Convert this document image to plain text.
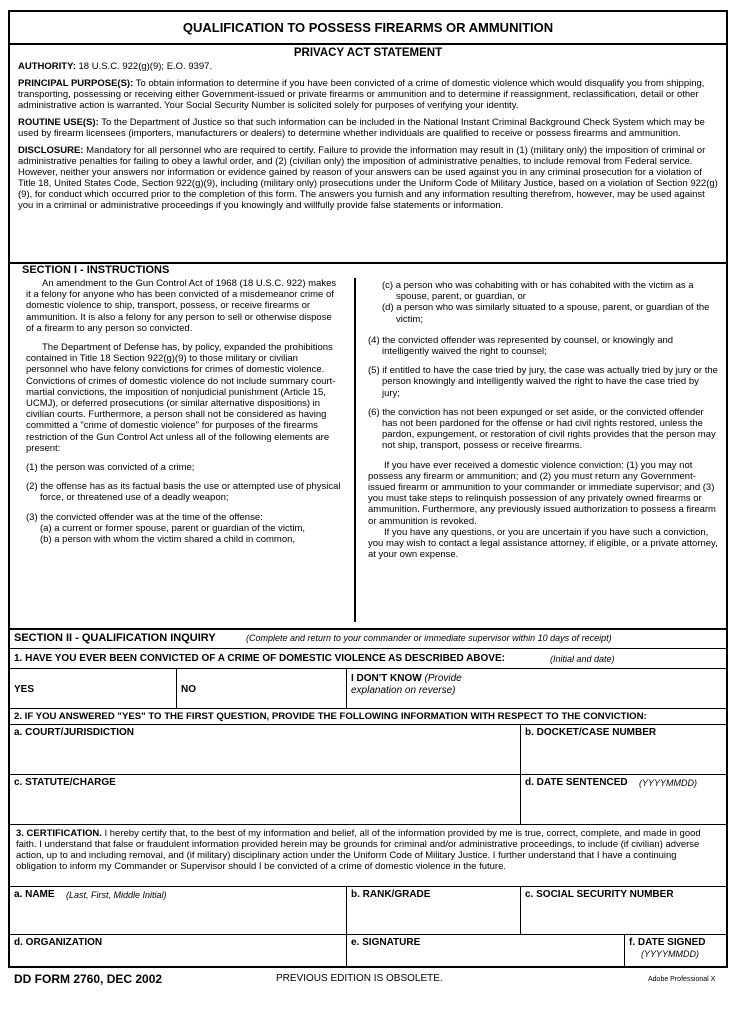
QUALIFICATION TO POSSESS FIREARMS OR AMMUNITION
PRIVACY ACT STATEMENT

AUTHORITY: 18 U.S.C. 922(g)(9); E.O. 9397.

PRINCIPAL PURPOSE(S): To obtain information to determine if you have been convicted of a crime of domestic violence which would disqualify you from shipping, transporting, possessing or receiving either Government-issued or private firearms or ammunition and to determine if reassignment, reclassification, detail or other administrative action is warranted. Your Social Security Number is solicited solely for purposes of verifying your identity.

ROUTINE USE(S): To the Department of Justice so that such information can be included in the National Instant Criminal Background Check System which may be used by firearm licensees (importers, manufacturers or dealers) to determine whether individuals are qualified to receive or possess firearms and ammunition.

DISCLOSURE: Mandatory for all personnel who are required to certify. Failure to provide the information may result in (1) (military only) the imposition of criminal or administrative penalties for failing to obey a lawful order, and (2) (civilian only) the imposition of administrative penalties, to include removal from Federal service. However, neither your answers nor information or evidence gained by reason of your answers can be used against you in any criminal prosecution for a violation of Title 18, United States Code, Section 922(g)(9), including (military only) prosecutions under the Uniform Code of Military Justice, based on a violation of Section 922(g)(9), for conduct which occurred prior to the completion of this form. The answers you furnish and any information resulting therefrom, however, may be used against you in a criminal or administrative proceedings if you knowingly and willfully provide false statements or information.

SECTION I - INSTRUCTIONS

An amendment to the Gun Control Act of 1968 (18 U.S.C. 922) makes it a felony for anyone who has been convicted of a misdemeanor crime of domestic violence to ship, transport, possess, or receive firearms or ammunition. It is also a felony for any person to sell or otherwise dispose of a firearm to any person so convicted.

The Department of Defense has, by policy, expanded the prohibitions contained in Title 18 Section 922(g)(9) to those military or civilian personnel who have felony convictions for crimes of domestic violence. Convictions of crimes of domestic violence do not include summary court-martial convictions, the imposition of nonjudicial punishment (Article 15, UCMJ), or deferred prosecutions (or similar alternative dispositions) in civilian courts. Furthermore, a person shall not be considered as having committed a "crime of domestic violence" for purposes of the firearms restriction of the Gun Control Act unless all of the following elements are present:

(1) the person was convicted of a crime;

(2) the offense has as its factual basis the use or attempted use of physical force, or threatened use of a deadly weapon;

(3) the convicted offender was at the time of the offense:

(a) a current or former spouse, parent or guardian of the victim,

(b) a person with whom the victim shared a child in common,

(c) a person who was cohabiting with or has cohabited with the victim as a spouse, parent, or guardian, or

(d) a person who was similarly situated to a spouse, parent, or guardian of the victim;

(4) the convicted offender was represented by counsel, or knowingly and intelligently waived the right to counsel;

(5) if entitled to have the case tried by jury, the case was actually tried by jury or the person knowingly and intelligently waived the right to have the case tried by jury;

(6) the conviction has not been expunged or set aside, or the convicted offender has not been pardoned for the offense or had civil rights restored, unless the pardon, expungement, or restoration of civil rights provides that the person may not ship, transport, possess or receive firearms.

If you have ever received a domestic violence conviction: (1) you may not possess any firearm or ammunition; and (2) you must return any Government-issued firearm or ammunition to your commander or immediate supervisor; and (3) you must take steps to relinquish possession of any privately owned firearms or ammunition. Furthermore, any previously issued authorization to possess a firearm or ammunition is revoked.

If you have any questions, or you are uncertain if you have such a conviction, you may wish to contact a legal assistance attorney, if eligible, or a private attorney, at your own expense.

SECTION II - QUALIFICATION INQUIRY	(Complete and return to your commander or immediate supervisor within 10 days of receipt)
1. HAVE YOU EVER BEEN CONVICTED OF A CRIME OF DOMESTIC VIOLENCE AS DESCRIBED ABOVE:	(Initial and date)
YES	NO
I DON'T KNOW (Provide explanation on reverse)
2. IF YOU ANSWERED "YES" TO THE FIRST QUESTION, PROVIDE THE FOLLOWING INFORMATION WITH RESPECT TO THE CONVICTION:
a. COURT/JURISDICTION	b. DOCKET/CASE NUMBER
c. STATUTE/CHARGE	d. DATE SENTENCED (YYYYMMDD)
3. CERTIFICATION. I hereby certify that, to the best of my information and belief, all of the information provided by me is true, correct, complete, and made in good faith. I understand that false or fraudulent information provided herein may be grounds for criminal and/or administrative proceedings, to include (if civilian) adverse action, up to and including removal, and (if military) disciplinary action under the Uniform Code of Military Justice. I further understand that I have a continuing obligation to inform my Commander or Supervisor should I be convicted of a crime of domestic violence in the future.
a. NAME (Last, First, Middle Initial)	b. RANK/GRADE	c. SOCIAL SECURITY NUMBER
d. ORGANIZATION	e. SIGNATURE	f. DATE SIGNED
(YYYYMMDD)
DD FORM 2760, DEC 2002	PREVIOUS EDITION IS OBSOLETE.	Adobe Professional X
